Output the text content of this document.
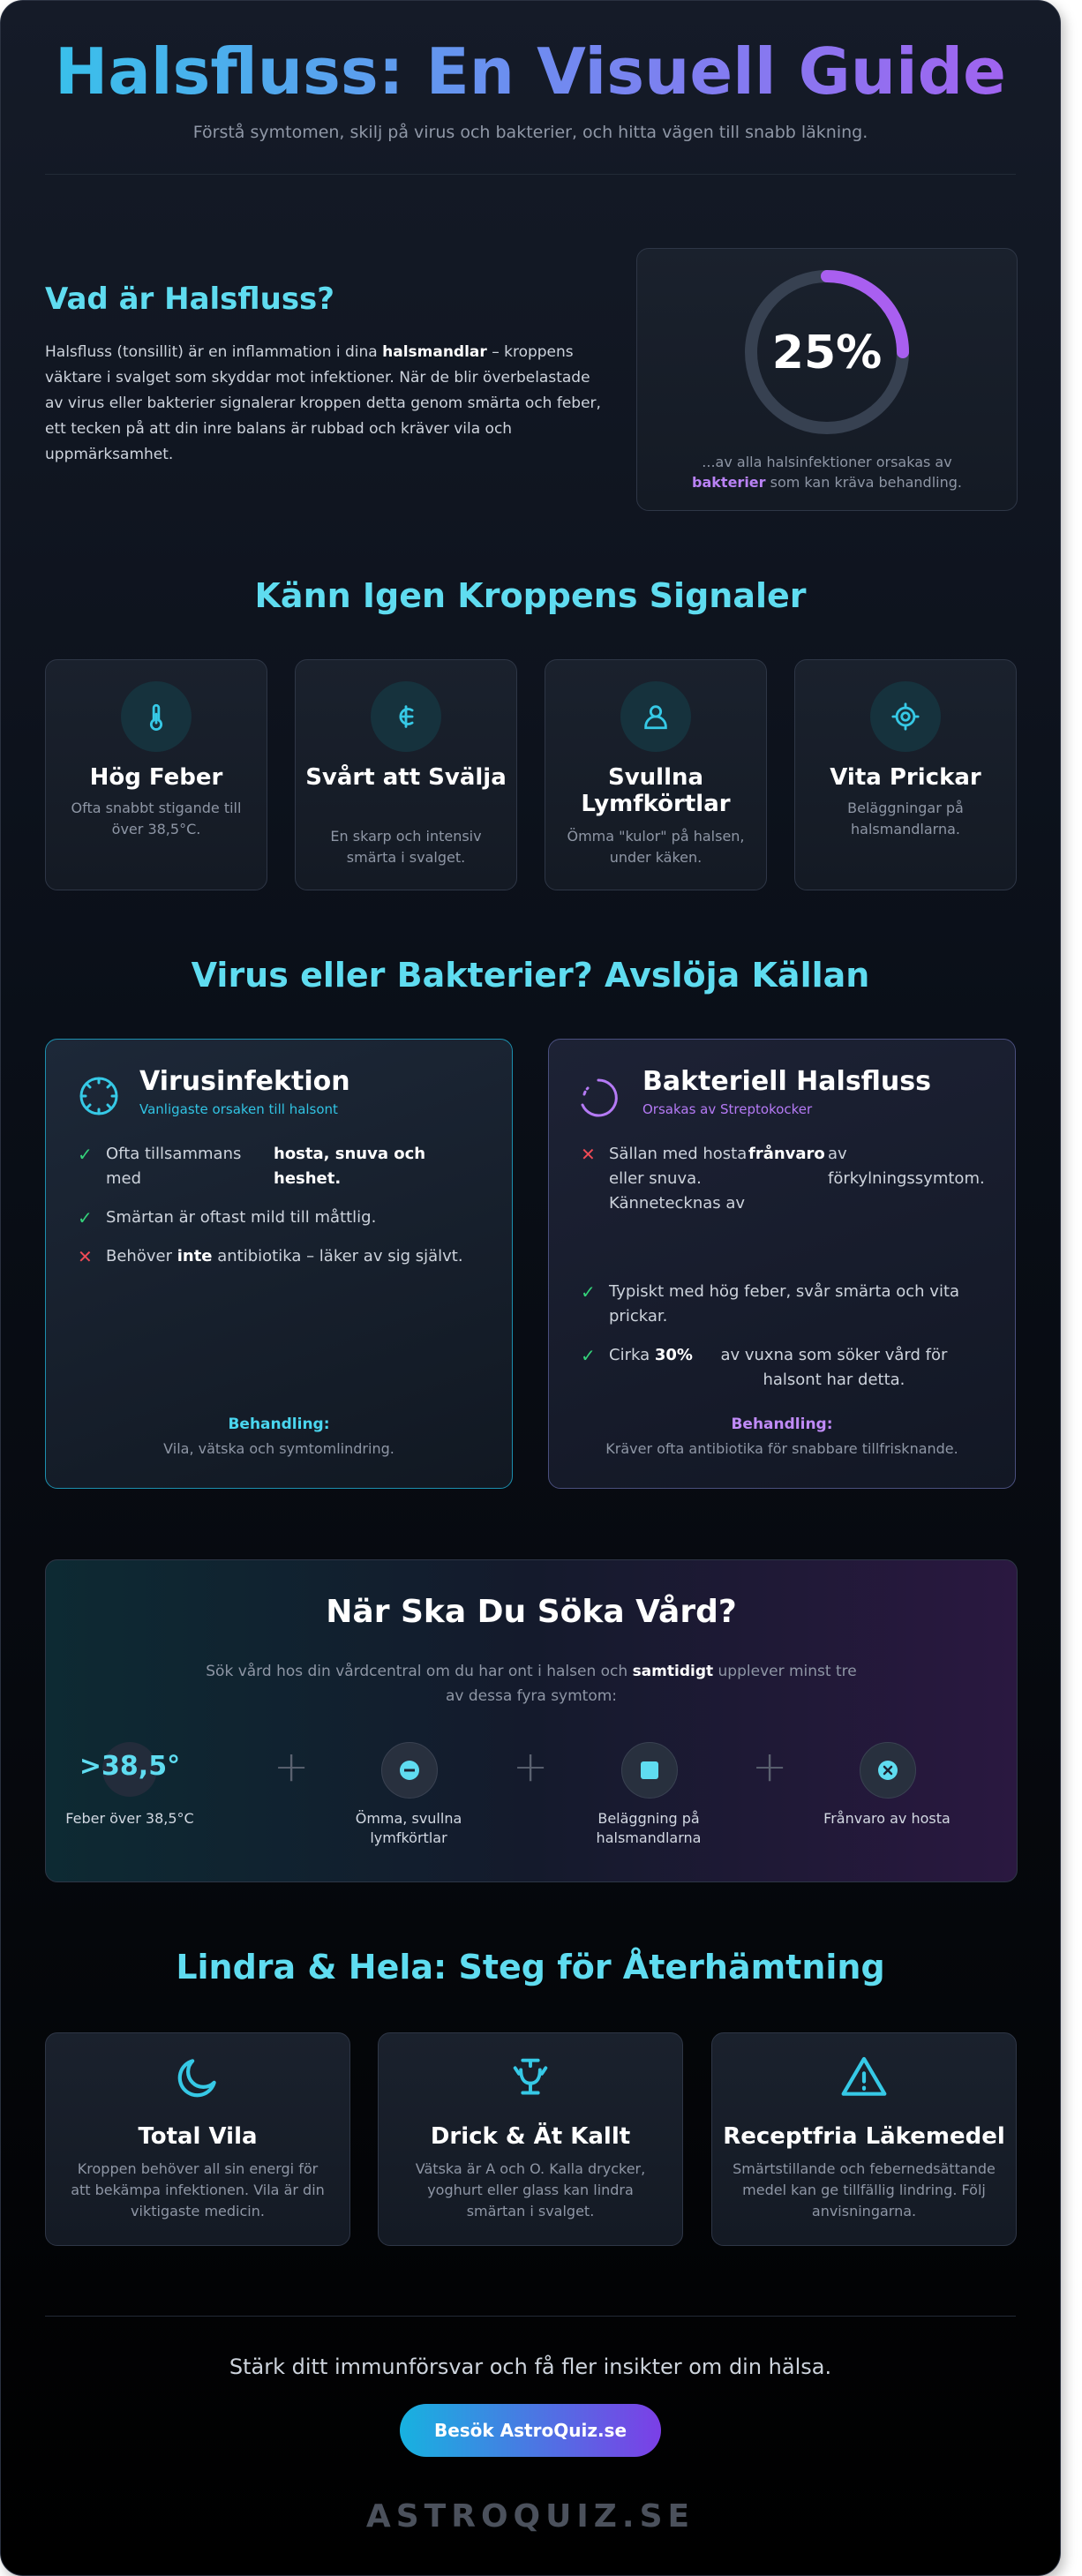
Halsfluss: En Visuell Guide
Förstå symtomen, skilj på virus och bakterier, och hitta vägen till snabb läkning.
Vad är Halsfluss?
Halsfluss (tonsillit) är en inflammation i dina halsmandlar – kroppens väktare i svalget som skyddar mot infektioner. När de blir överbelastade av virus eller bakterier signalerar kroppen detta genom smärta och feber, ett tecken på att din inre balans är rubbad och kräver vila och uppmärksamhet.
25%
...av alla halsinfektioner orsakas av
bakterier som kan kräva behandling.
Känn Igen Kroppens Signaler
Hög Feber
Ofta snabbt stigande till över 38,5°C.
Svårt att Svälja
En skarp och intensiv smärta i svalget.
Svullna Lymfkörtlar
Ömma "kulor" på halsen, under käken.
Vita Prickar
Beläggningar på halsmandlarna.
Virus eller Bakterier? Avslöja Källan
Virusinfektion
Vanligaste orsaken till halsont
✓ Ofta tillsammans med
hosta, snuva och heshet.
✓ Smärtan är oftast mild till måttlig.
✕ Behöver inte antibiotika – läker av sig självt.
Behandling:
Vila, vätska och symtomlindring.
Bakteriell Halsfluss
Orsakas av Streptokocker
✕ Sällan med hosta eller snuva. Kännetecknas av
frånvaro av förkylningssymtom.
✓ Typiskt med hög feber, svår smärta och vita prickar.
✓ Cirka 30%	av vuxna som söker vård för halsont har detta.
Behandling:
Kräver ofta antibiotika för snabbare tillfrisknande.
När Ska Du Söka Vård?
Sök vård hos din vårdcentral om du har ont i halsen och samtidigt upplever minst tre av dessa fyra symtom:
>38,5°
Feber över 38,5°C
+
Ömma, svullna lymfkörtlar
+
Beläggning på halsmandlarna
+
Frånvaro av hosta
Lindra & Hela: Steg för Återhämtning
Total Vila
Kroppen behöver all sin energi för att bekämpa infektionen. Vila är din viktigaste medicin.
Drick & Ät Kallt
Vätska är A och O. Kalla drycker, yoghurt eller glass kan lindra smärtan i svalget.
Receptfria Läkemedel
Smärtstillande och febernedsättande medel kan ge tillfällig lindring. Följ anvisningarna.
Stärk ditt immunförsvar och få fler insikter om din hälsa.
Besök AstroQuiz.se
ASTROQUIZ.SE
